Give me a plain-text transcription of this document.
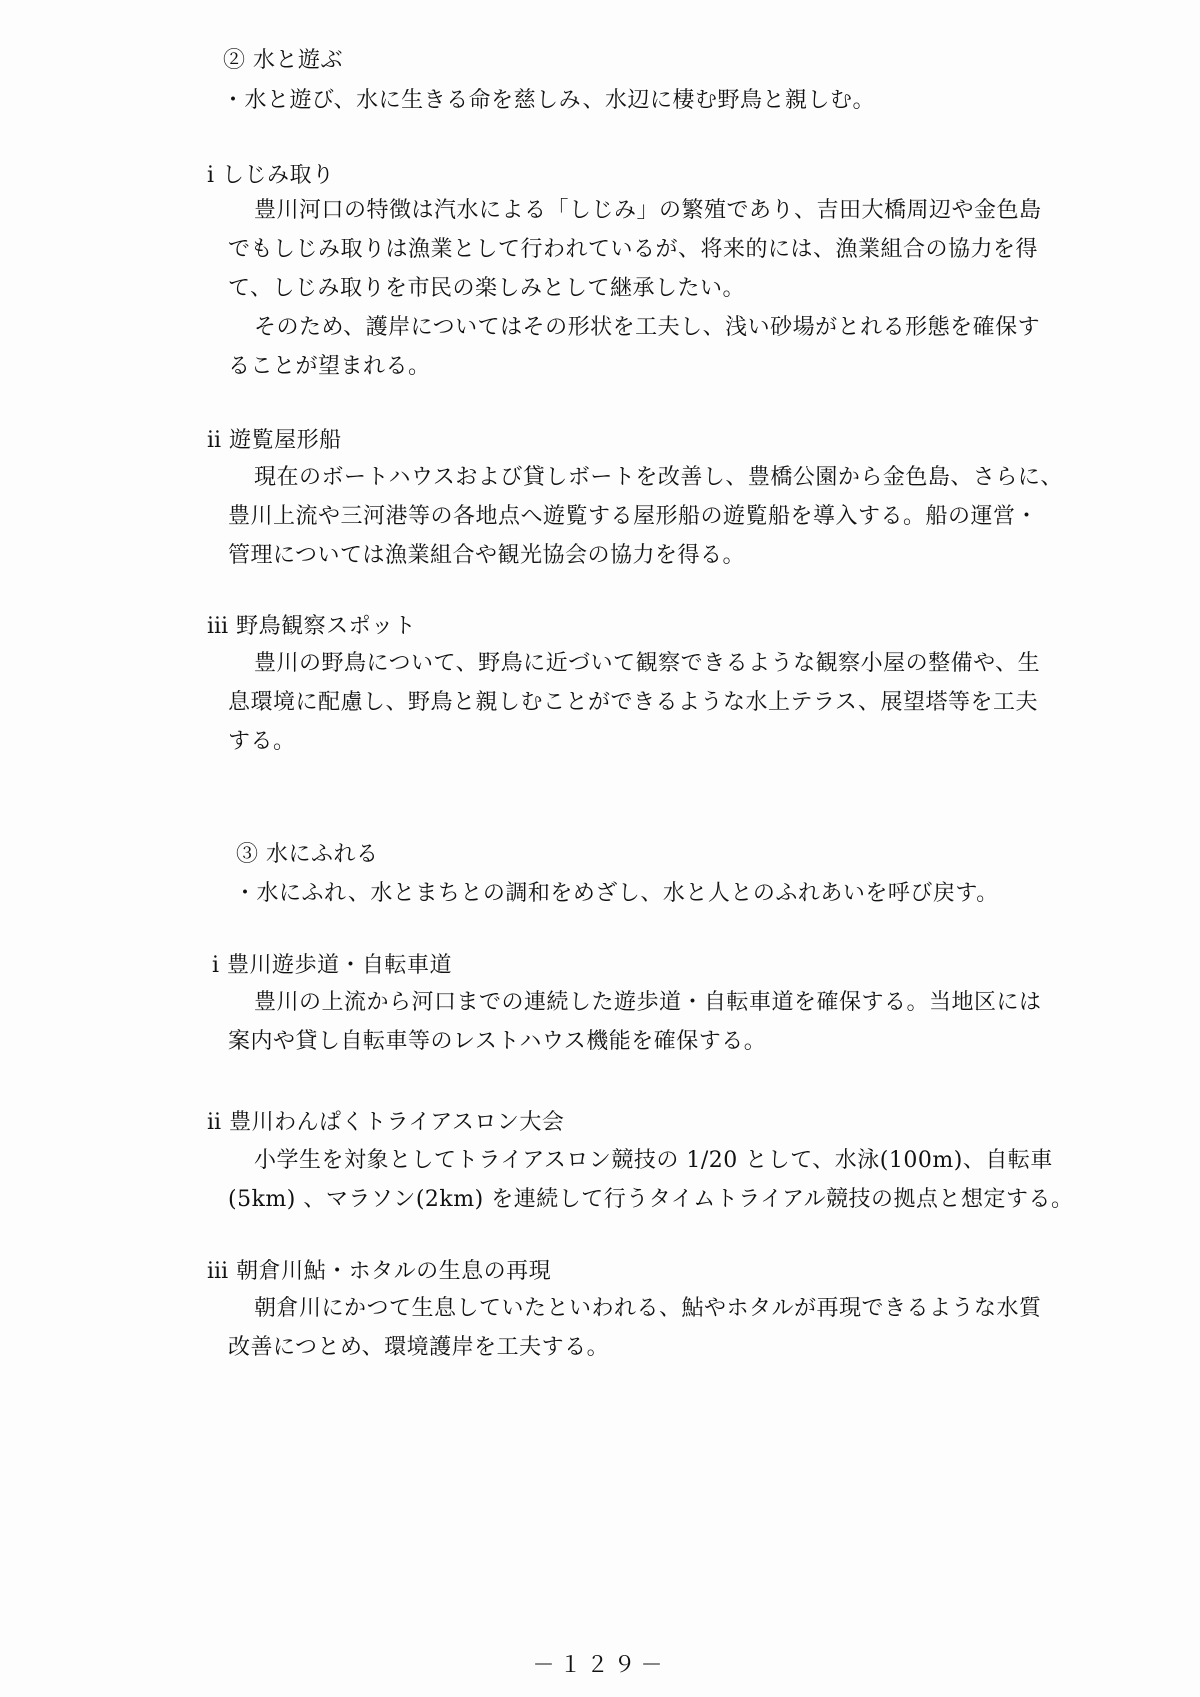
② 水と遊ぶ
・水と遊び、水に生きる命を慈しみ、水辺に棲む野鳥と親しむ。
ⅰ しじみ取り
豊川河口の特徴は汽水による「しじみ」の繁殖であり、吉田大橋周辺や金色島
でもしじみ取りは漁業として行われているが、将来的には、漁業組合の協力を得
て、しじみ取りを市民の楽しみとして継承したい。
そのため、護岸についてはその形状を工夫し、浅い砂場がとれる形態を確保す
ることが望まれる。
ⅱ 遊覧屋形船
現在のボートハウスおよび貸しボートを改善し、豊橋公園から金色島、さらに、
豊川上流や三河港等の各地点へ遊覧する屋形船の遊覧船を導入する。船の運営・
管理については漁業組合や観光協会の協力を得る。
ⅲ 野鳥観察スポット
豊川の野鳥について、野鳥に近づいて観察できるような観察小屋の整備や、生
息環境に配慮し、野鳥と親しむことができるような水上テラス、展望塔等を工夫
する。
③ 水にふれる
・水にふれ、水とまちとの調和をめざし、水と人とのふれあいを呼び戻す。
ⅰ 豊川遊歩道・自転車道
豊川の上流から河口までの連続した遊歩道・自転車道を確保する。当地区には
案内や貸し自転車等のレストハウス機能を確保する。
ⅱ 豊川わんぱくトライアスロン大会
小学生を対象としてトライアスロン競技の 1/20 として、水泳(100m)、自転車
(5km) 、マラソン(2km) を連続して行うタイムトライアル競技の拠点と想定する。
ⅲ 朝倉川鮎・ホタルの生息の再現
朝倉川にかつて生息していたといわれる、鮎やホタルが再現できるような水質
改善につとめ、環境護岸を工夫する。
－１２９－
